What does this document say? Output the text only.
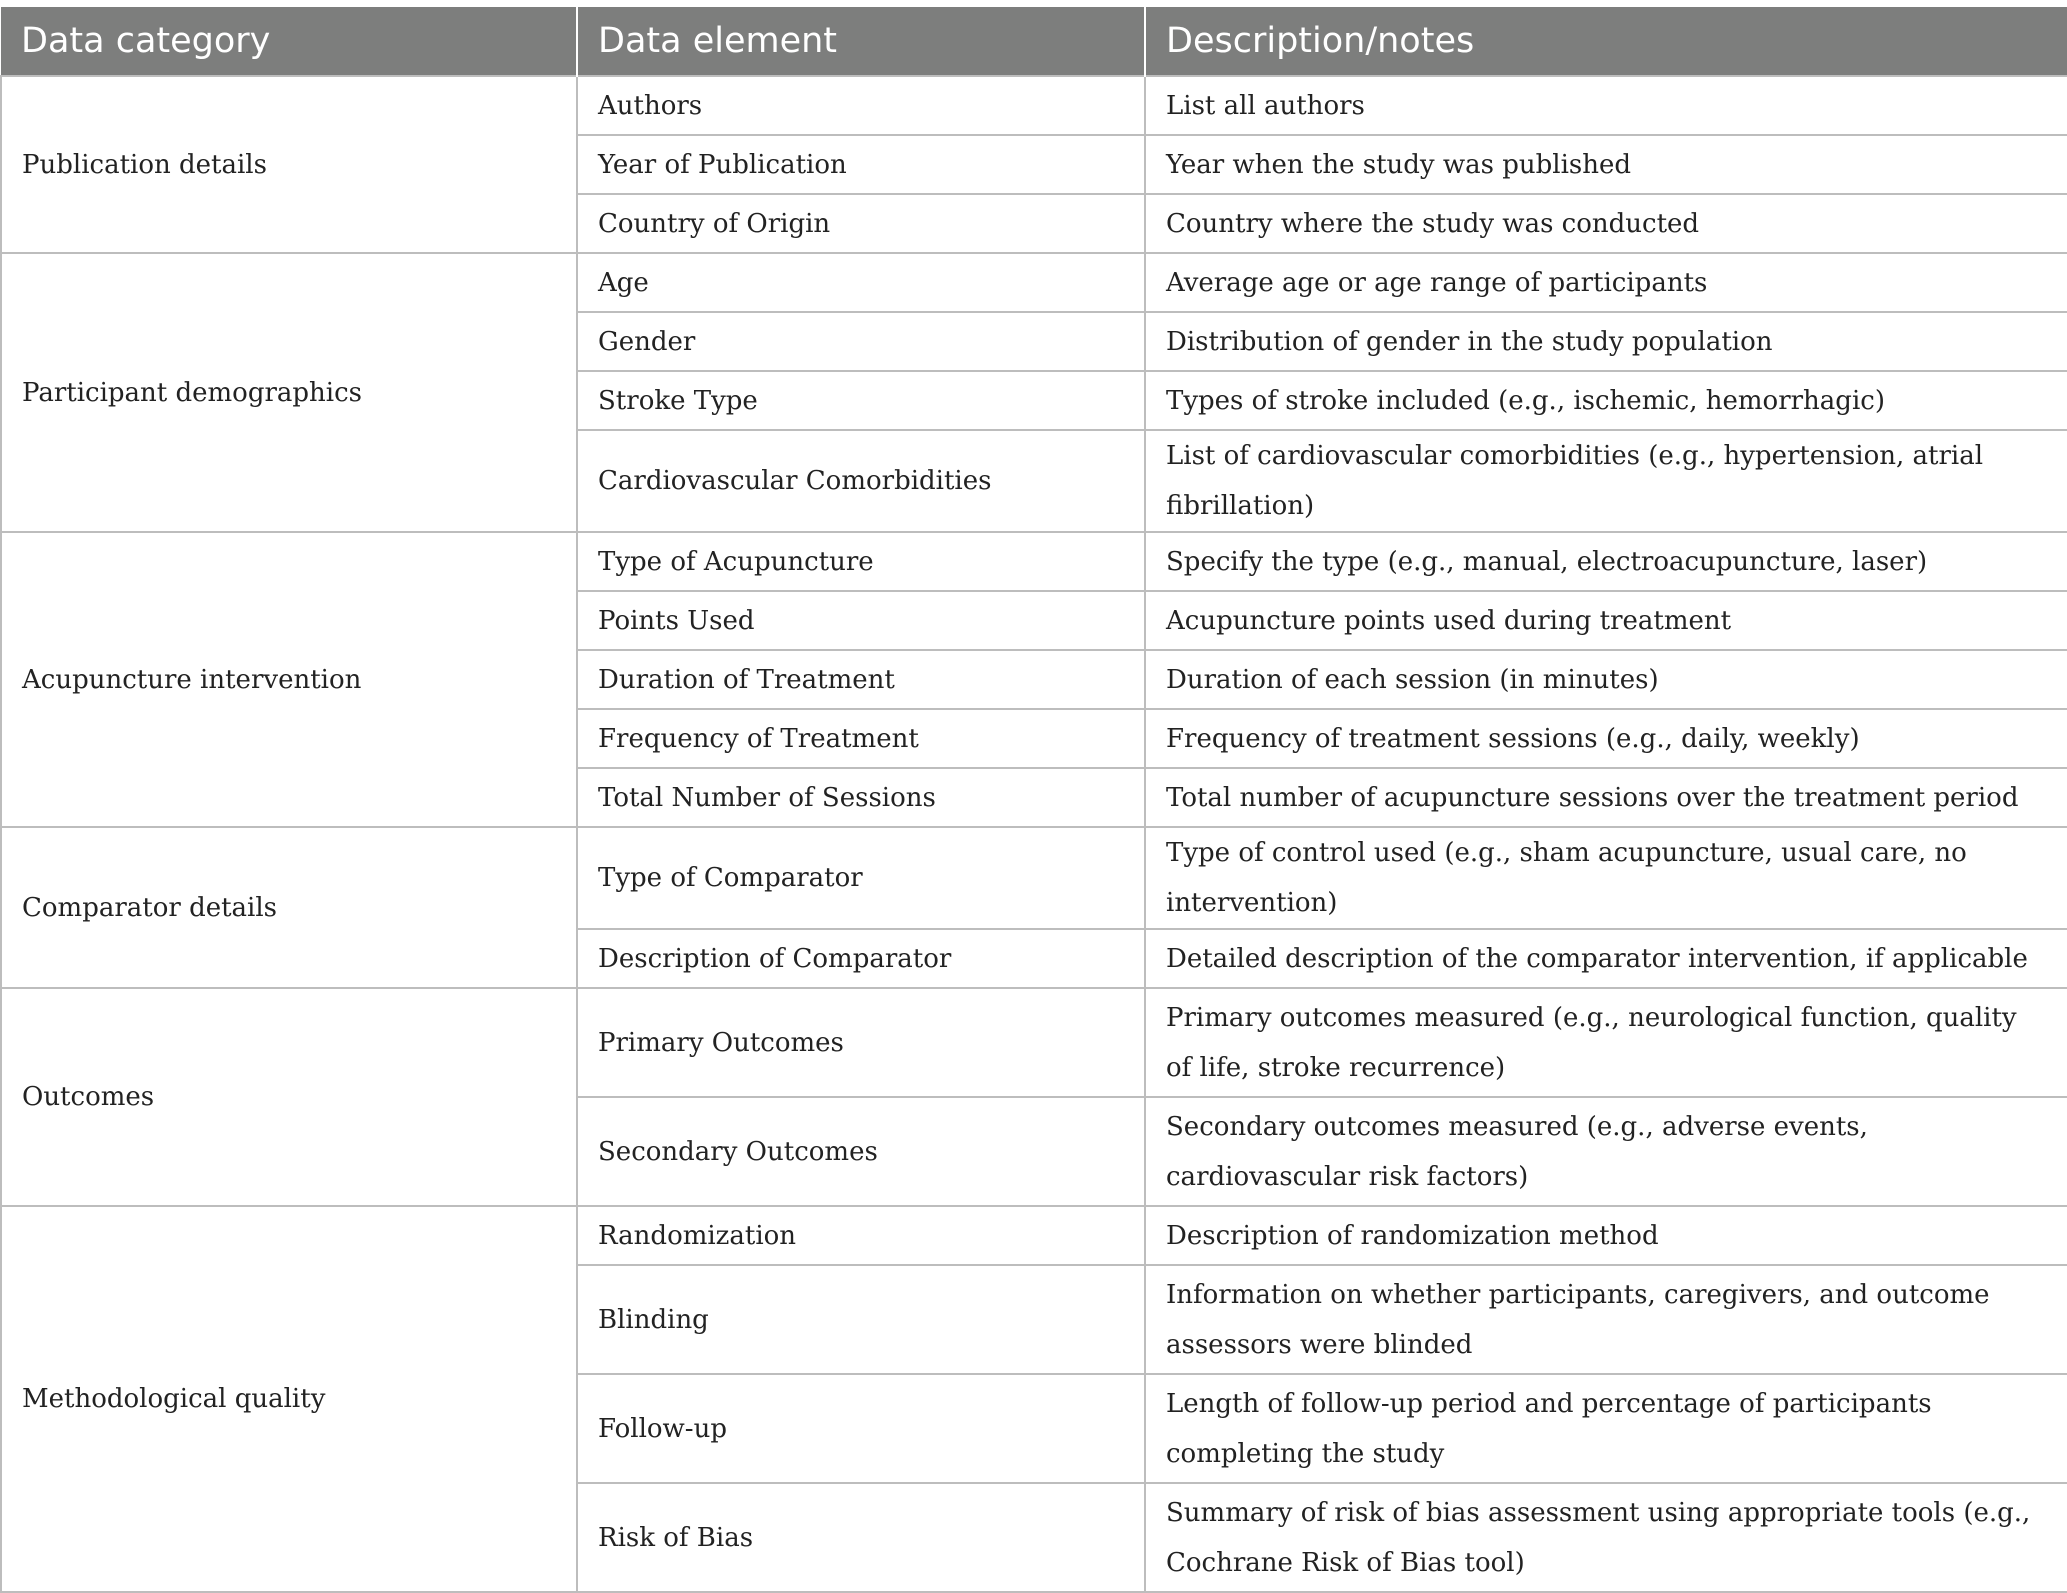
Data category	Data element	Description/notes
Publication details	Authors	List all authors
	Year of Publication	Year when the study was published
	Country of Origin	Country where the study was conducted
Participant demographics	Age	Average age or age range of participants
	Gender	Distribution of gender in the study population
	Stroke Type	Types of stroke included (e.g., ischemic, hemorrhagic)
	Cardiovascular Comorbidities	List of cardiovascular comorbidities (e.g., hypertension, atrial fibrillation)
Acupuncture intervention	Type of Acupuncture	Specify the type (e.g., manual, electroacupuncture, laser)
	Points Used	Acupuncture points used during treatment
	Duration of Treatment	Duration of each session (in minutes)
	Frequency of Treatment	Frequency of treatment sessions (e.g., daily, weekly)
	Total Number of Sessions	Total number of acupuncture sessions over the treatment period
Comparator details	Type of Comparator	Type of control used (e.g., sham acupuncture, usual care, no intervention)
	Description of Comparator	Detailed description of the comparator intervention, if applicable
Outcomes	Primary Outcomes	Primary outcomes measured (e.g., neurological function, quality of life, stroke recurrence)
	Secondary Outcomes	Secondary outcomes measured (e.g., adverse events, cardiovascular risk factors)
Methodological quality	Randomization	Description of randomization method
	Blinding	Information on whether participants, caregivers, and outcome assessors were blinded
	Follow-up	Length of follow-up period and percentage of participants completing the study
	Risk of Bias	Summary of risk of bias assessment using appropriate tools (e.g., Cochrane Risk of Bias tool)
